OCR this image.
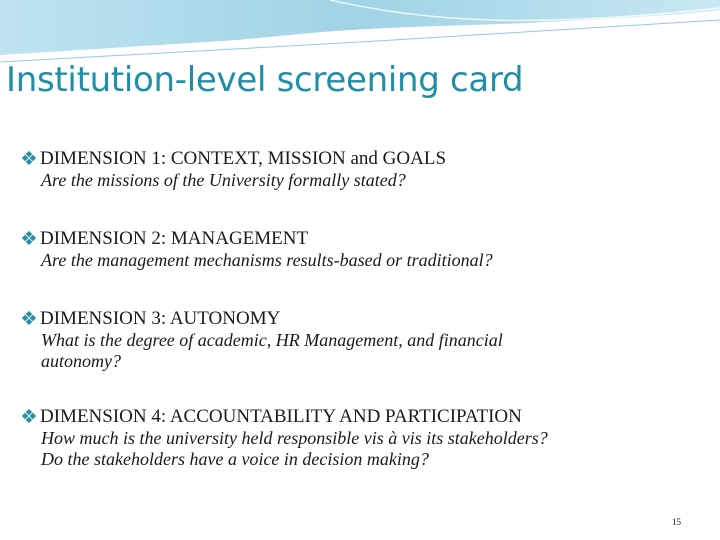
Institution-level screening card
DIMENSION 1: CONTEXT, MISSION and GOALS
Are the missions of the University formally stated?
DIMENSION 2: MANAGEMENT
Are the management mechanisms results-based or traditional?
DIMENSION 3: AUTONOMY
What is the degree of academic, HR Management, and financial
autonomy?
DIMENSION 4: ACCOUNTABILITY AND PARTICIPATION
How much is the university held responsible vis à vis its stakeholders?
Do the stakeholders have a voice in decision making?
15
